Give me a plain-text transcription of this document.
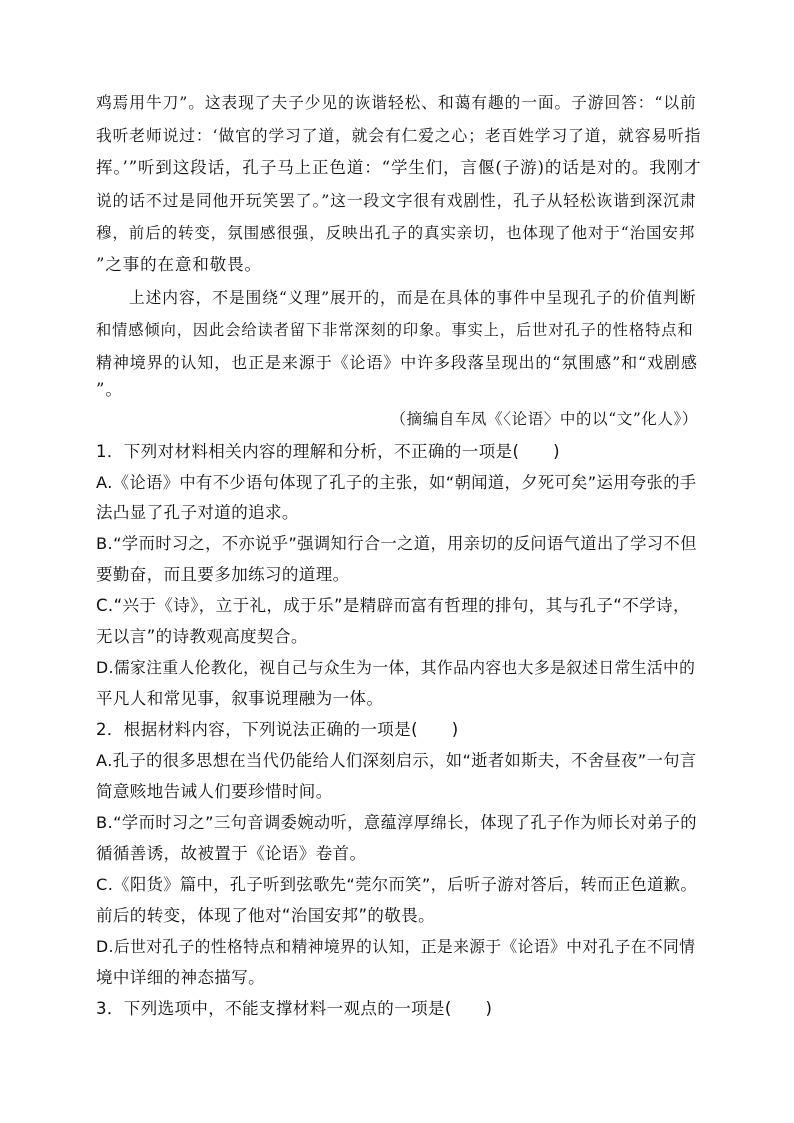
鸡焉用牛刀”。这表现了夫子少见的诙谐轻松、和蔼有趣的一面。子游回答：“以前
我听老师说过：‘做官的学习了道，就会有仁爱之心；老百姓学习了道，就容易听指
挥。’”听到这段话，孔子马上正色道：“学生们，言偃(子游)的话是对的。我刚才
说的话不过是同他开玩笑罢了。”这一段文字很有戏剧性，孔子从轻松诙谐到深沉肃
穆，前后的转变，氛围感很强，反映出孔子的真实亲切，也体现了他对于“治国安邦
”之事的在意和敬畏。
上述内容，不是围绕“义理”展开的，而是在具体的事件中呈现孔子的价值判断
和情感倾向，因此会给读者留下非常深刻的印象。事实上，后世对孔子的性格特点和
精神境界的认知，也正是来源于《论语》中许多段落呈现出的“氛围感”和“戏剧感
”。
（摘编自车凤《〈论语〉中的以“文”化人》）
1．下列对材料相关内容的理解和分析，不正确的一项是(　　)
A.《论语》中有不少语句体现了孔子的主张，如“朝闻道，夕死可矣”运用夸张的手
法凸显了孔子对道的追求。
B.“学而时习之，不亦说乎”强调知行合一之道，用亲切的反问语气道出了学习不但
要勤奋，而且要多加练习的道理。
C.“兴于《诗》，立于礼，成于乐”是精辟而富有哲理的排句，其与孔子“不学诗，
无以言”的诗教观高度契合。
D.儒家注重人伦教化，视自己与众生为一体，其作品内容也大多是叙述日常生活中的
平凡人和常见事，叙事说理融为一体。
2．根据材料内容，下列说法正确的一项是(　　)
A.孔子的很多思想在当代仍能给人们深刻启示，如“逝者如斯夫，不舍昼夜”一句言
简意赅地告诫人们要珍惜时间。
B.“学而时习之”三句音调委婉动听，意蕴淳厚绵长，体现了孔子作为师长对弟子的
循循善诱，故被置于《论语》卷首。
C.《阳货》篇中，孔子听到弦歌先“莞尔而笑”，后听子游对答后，转而正色道歉。
前后的转变，体现了他对“治国安邦”的敬畏。
D.后世对孔子的性格特点和精神境界的认知，正是来源于《论语》中对孔子在不同情
境中详细的神态描写。
3．下列选项中，不能支撑材料一观点的一项是(　　)
